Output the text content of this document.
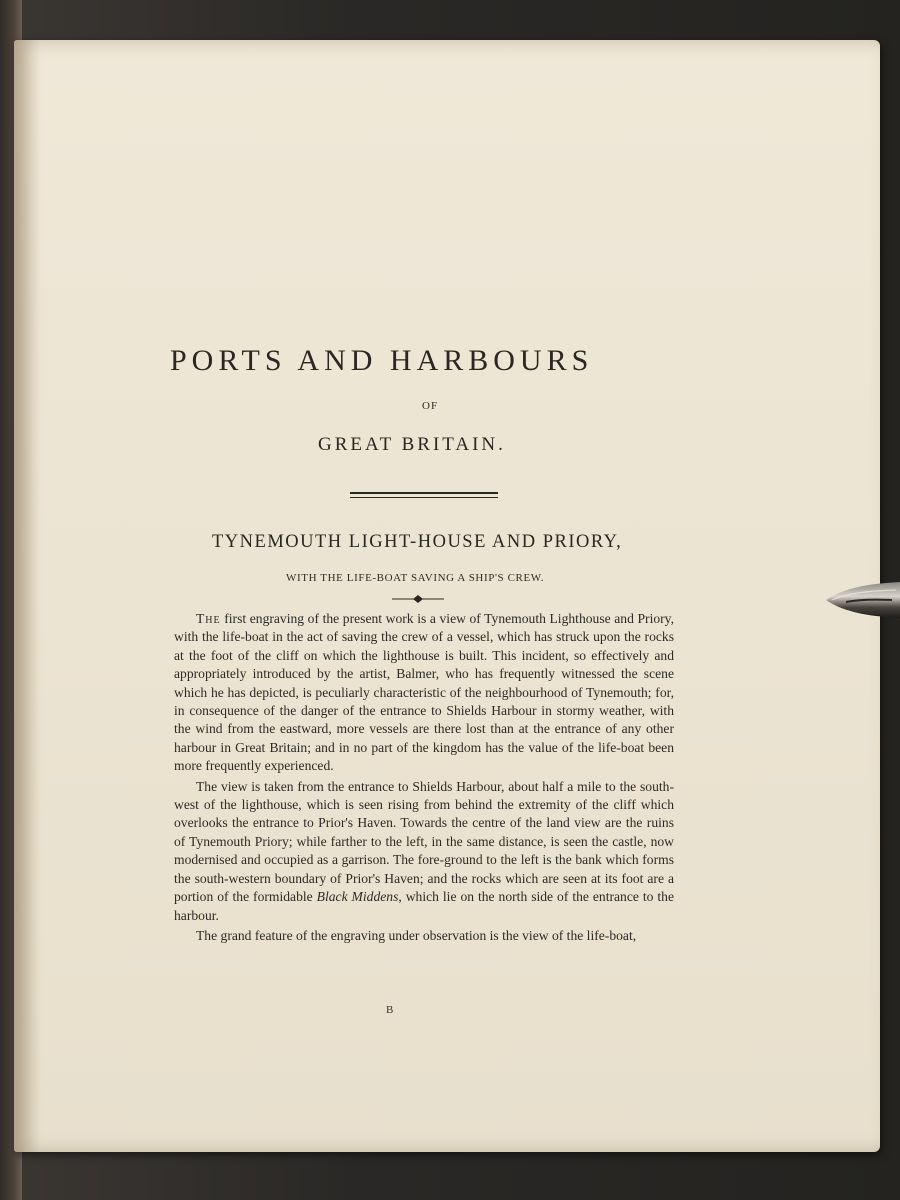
PORTS AND HARBOURS
OF
GREAT BRITAIN.
TYNEMOUTH LIGHT-HOUSE AND PRIORY,
WITH THE LIFE-BOAT SAVING A SHIP'S CREW.

The first engraving of the present work is a view of Tynemouth Lighthouse and Priory, with the life-boat in the act of saving the crew of a vessel, which has struck upon the rocks at the foot of the cliff on which the lighthouse is built. This incident, so effectively and appropriately introduced by the artist, Balmer, who has frequently witnessed the scene which he has depicted, is peculiarly characteristic of the neighbourhood of Tynemouth; for, in consequence of the danger of the entrance to Shields Harbour in stormy weather, with the wind from the eastward, more vessels are there lost than at the entrance of any other harbour in Great Britain; and in no part of the kingdom has the value of the life-boat been more frequently experienced.

The view is taken from the entrance to Shields Harbour, about half a mile to the south-west of the lighthouse, which is seen rising from behind the extremity of the cliff which overlooks the entrance to Prior's Haven. Towards the centre of the land view are the ruins of Tynemouth Priory; while farther to the left, in the same distance, is seen the castle, now modernised and occupied as a garrison. The fore-ground to the left is the bank which forms the south-western boundary of Prior's Haven; and the rocks which are seen at its foot are a portion of the formidable Black Middens, which lie on the north side of the entrance to the harbour.

The grand feature of the engraving under observation is the view of the life-boat,

B
